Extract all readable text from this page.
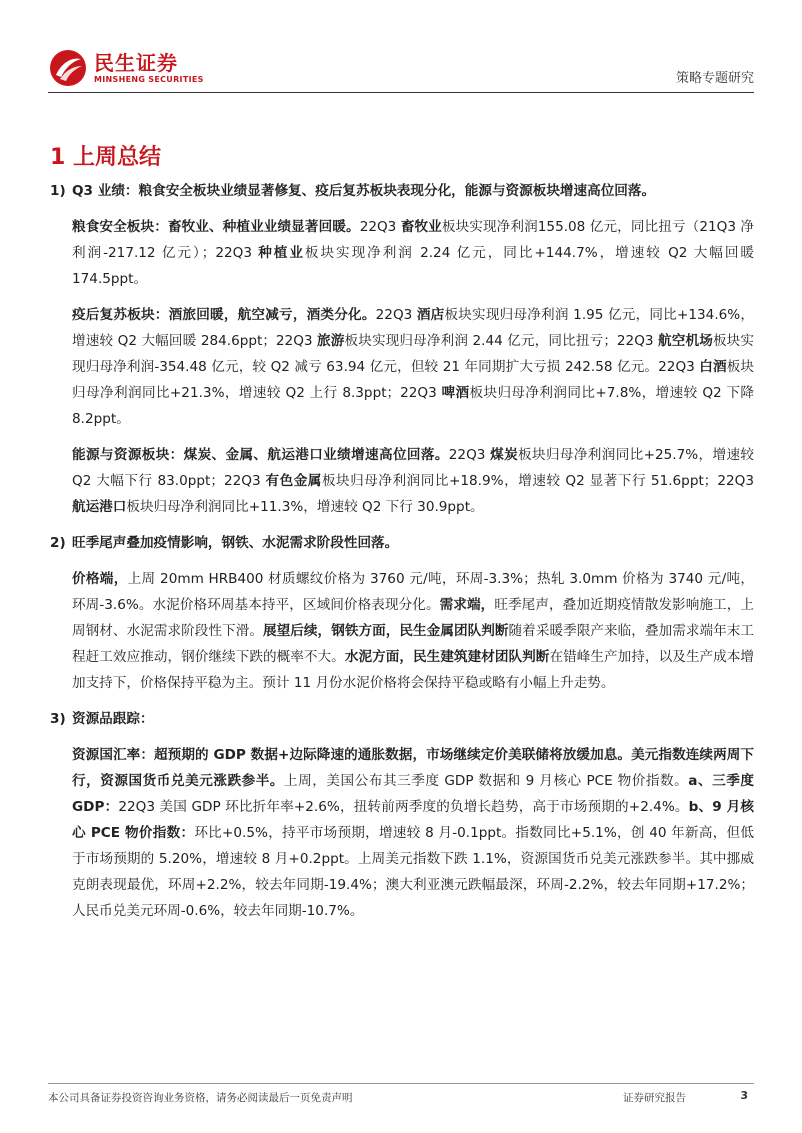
民生证券
MINSHENG SECURITIES	策略专题研究
1 上周总结
1) Q3 业绩：粮食安全板块业绩显著修复、疫后复苏板块表现分化，能源与资源板块增速高位回落。
粮食安全板块：畜牧业、种植业业绩显著回暖。22Q3 畜牧业板块实现净利润155.08 亿元，同比扭亏（21Q3 净利润-217.12 亿元）；22Q3 种植业板块实现净利润 2.24 亿元，同比+144.7%，增速较 Q2 大幅回暖 174.5ppt。
疫后复苏板块：酒旅回暖，航空减亏，酒类分化。22Q3 酒店板块实现归母净利润 1.95 亿元，同比+134.6%，增速较 Q2 大幅回暖 284.6ppt；22Q3 旅游板块实现归母净利润 2.44 亿元，同比扭亏；22Q3 航空机场板块实现归母净利润-354.48 亿元，较 Q2 减亏 63.94 亿元，但较 21 年同期扩大亏损 242.58 亿元。22Q3 白酒板块归母净利润同比+21.3%，增速较 Q2 上行 8.3ppt；22Q3 啤酒板块归母净利润同比+7.8%，增速较 Q2 下降 8.2ppt。
能源与资源板块：煤炭、金属、航运港口业绩增速高位回落。22Q3 煤炭板块归母净利润同比+25.7%，增速较 Q2 大幅下行 83.0ppt；22Q3 有色金属板块归母净利润同比+18.9%，增速较 Q2 显著下行 51.6ppt；22Q3 航运港口板块归母净利润同比+11.3%，增速较 Q2 下行 30.9ppt。
2) 旺季尾声叠加疫情影响，钢铁、水泥需求阶段性回落。
价格端，上周 20mm HRB400 材质螺纹价格为 3760 元/吨，环周-3.3%；热轧 3.0mm 价格为 3740 元/吨，环周-3.6%。水泥价格环周基本持平，区域间价格表现分化。需求端，旺季尾声，叠加近期疫情散发影响施工，上周钢材、水泥需求阶段性下滑。展望后续，钢铁方面，民生金属团队判断随着采暖季限产来临，叠加需求端年末工程赶工效应推动，钢价继续下跌的概率不大。水泥方面，民生建筑建材团队判断在错峰生产加持，以及生产成本增加支持下，价格保持平稳为主。预计 11 月份水泥价格将会保持平稳或略有小幅上升走势。
3) 资源品跟踪：
资源国汇率：超预期的 GDP 数据+边际降速的通胀数据，市场继续定价美联储将放缓加息。美元指数连续两周下行，资源国货币兑美元涨跌参半。上周，美国公布其三季度 GDP 数据和 9 月核心 PCE 物价指数。a、三季度 GDP：22Q3 美国 GDP 环比折年率+2.6%，扭转前两季度的负增长趋势，高于市场预期的+2.4%。b、9 月核心 PCE 物价指数：环比+0.5%，持平市场预期，增速较 8 月-0.1ppt。指数同比+5.1%，创 40 年新高，但低于市场预期的 5.20%，增速较 8 月+0.2ppt。上周美元指数下跌 1.1%，资源国货币兑美元涨跌参半。其中挪威克朗表现最优，环周+2.2%，较去年同期-19.4%；澳大利亚澳元跌幅最深，环周-2.2%，较去年同期+17.2%；人民币兑美元环周-0.6%，较去年同期-10.7%。
本公司具备证券投资咨询业务资格，请务必阅读最后一页免责声明	证券研究报告	3
